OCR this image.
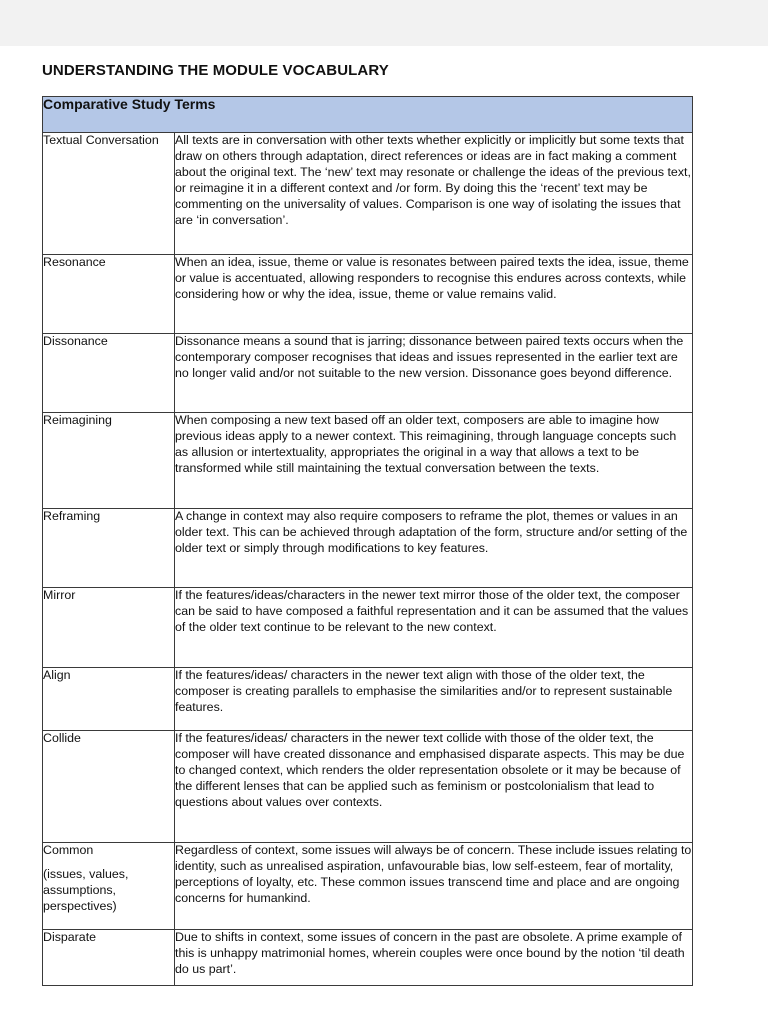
UNDERSTANDING THE MODULE VOCABULARY
Comparative Study Terms	
Textual Conversation	All texts are in conversation with other texts whether explicitly or implicitly but some texts that draw on others through adaptation, direct references or ideas are in fact making a comment about the original text. The ‘new’ text may resonate or challenge the ideas of the previous text, or reimagine it in a different context and /or form. By doing this the ‘recent’ text may be commenting on the universality of values. Comparison is one way of isolating the issues that are ‘in conversation’.
Resonance	When an idea, issue, theme or value is resonates between paired texts the idea, issue, theme or value is accentuated, allowing responders to recognise this endures across contexts, while considering how or why the idea, issue, theme or value remains valid.
Dissonance	Dissonance means a sound that is jarring; dissonance between paired texts occurs when the contemporary composer recognises that ideas and issues represented in the earlier text are no longer valid and/or not suitable to the new version. Dissonance goes beyond difference.
Reimagining	When composing a new text based off an older text, composers are able to imagine how previous ideas apply to a newer context. This reimagining, through language concepts such as allusion or intertextuality, appropriates the original in a way that allows a text to be transformed while still maintaining the textual conversation between the texts.
Reframing	A change in context may also require composers to reframe the plot, themes or values in an older text. This can be achieved through adaptation of the form, structure and/or setting of the older text or simply through modifications to key features.
Mirror	If the features/ideas/characters in the newer text mirror those of the older text, the composer can be said to have composed a faithful representation and it can be assumed that the values of the older text continue to be relevant to the new context.
Align	If the features/ideas/ characters in the newer text align with those of the older text, the composer is creating parallels to emphasise the similarities and/or to represent sustainable features.
Collide	If the features/ideas/ characters in the newer text collide with those of the older text, the composer will have created dissonance and emphasised disparate aspects. This may be due to changed context, which renders the older representation obsolete or it may be because of the different lenses that can be applied such as feminism or postcolonialism that lead to questions about values over contexts.
Common
(issues, values, assumptions, perspectives)	Regardless of context, some issues will always be of concern. These include issues relating to identity, such as unrealised aspiration, unfavourable bias, low self-esteem, fear of mortality, perceptions of loyalty, etc. These common issues transcend time and place and are ongoing concerns for humankind.
Disparate	Due to shifts in context, some issues of concern in the past are obsolete. A prime example of this is unhappy matrimonial homes, wherein couples were once bound by the notion ‘til death do us part’.
